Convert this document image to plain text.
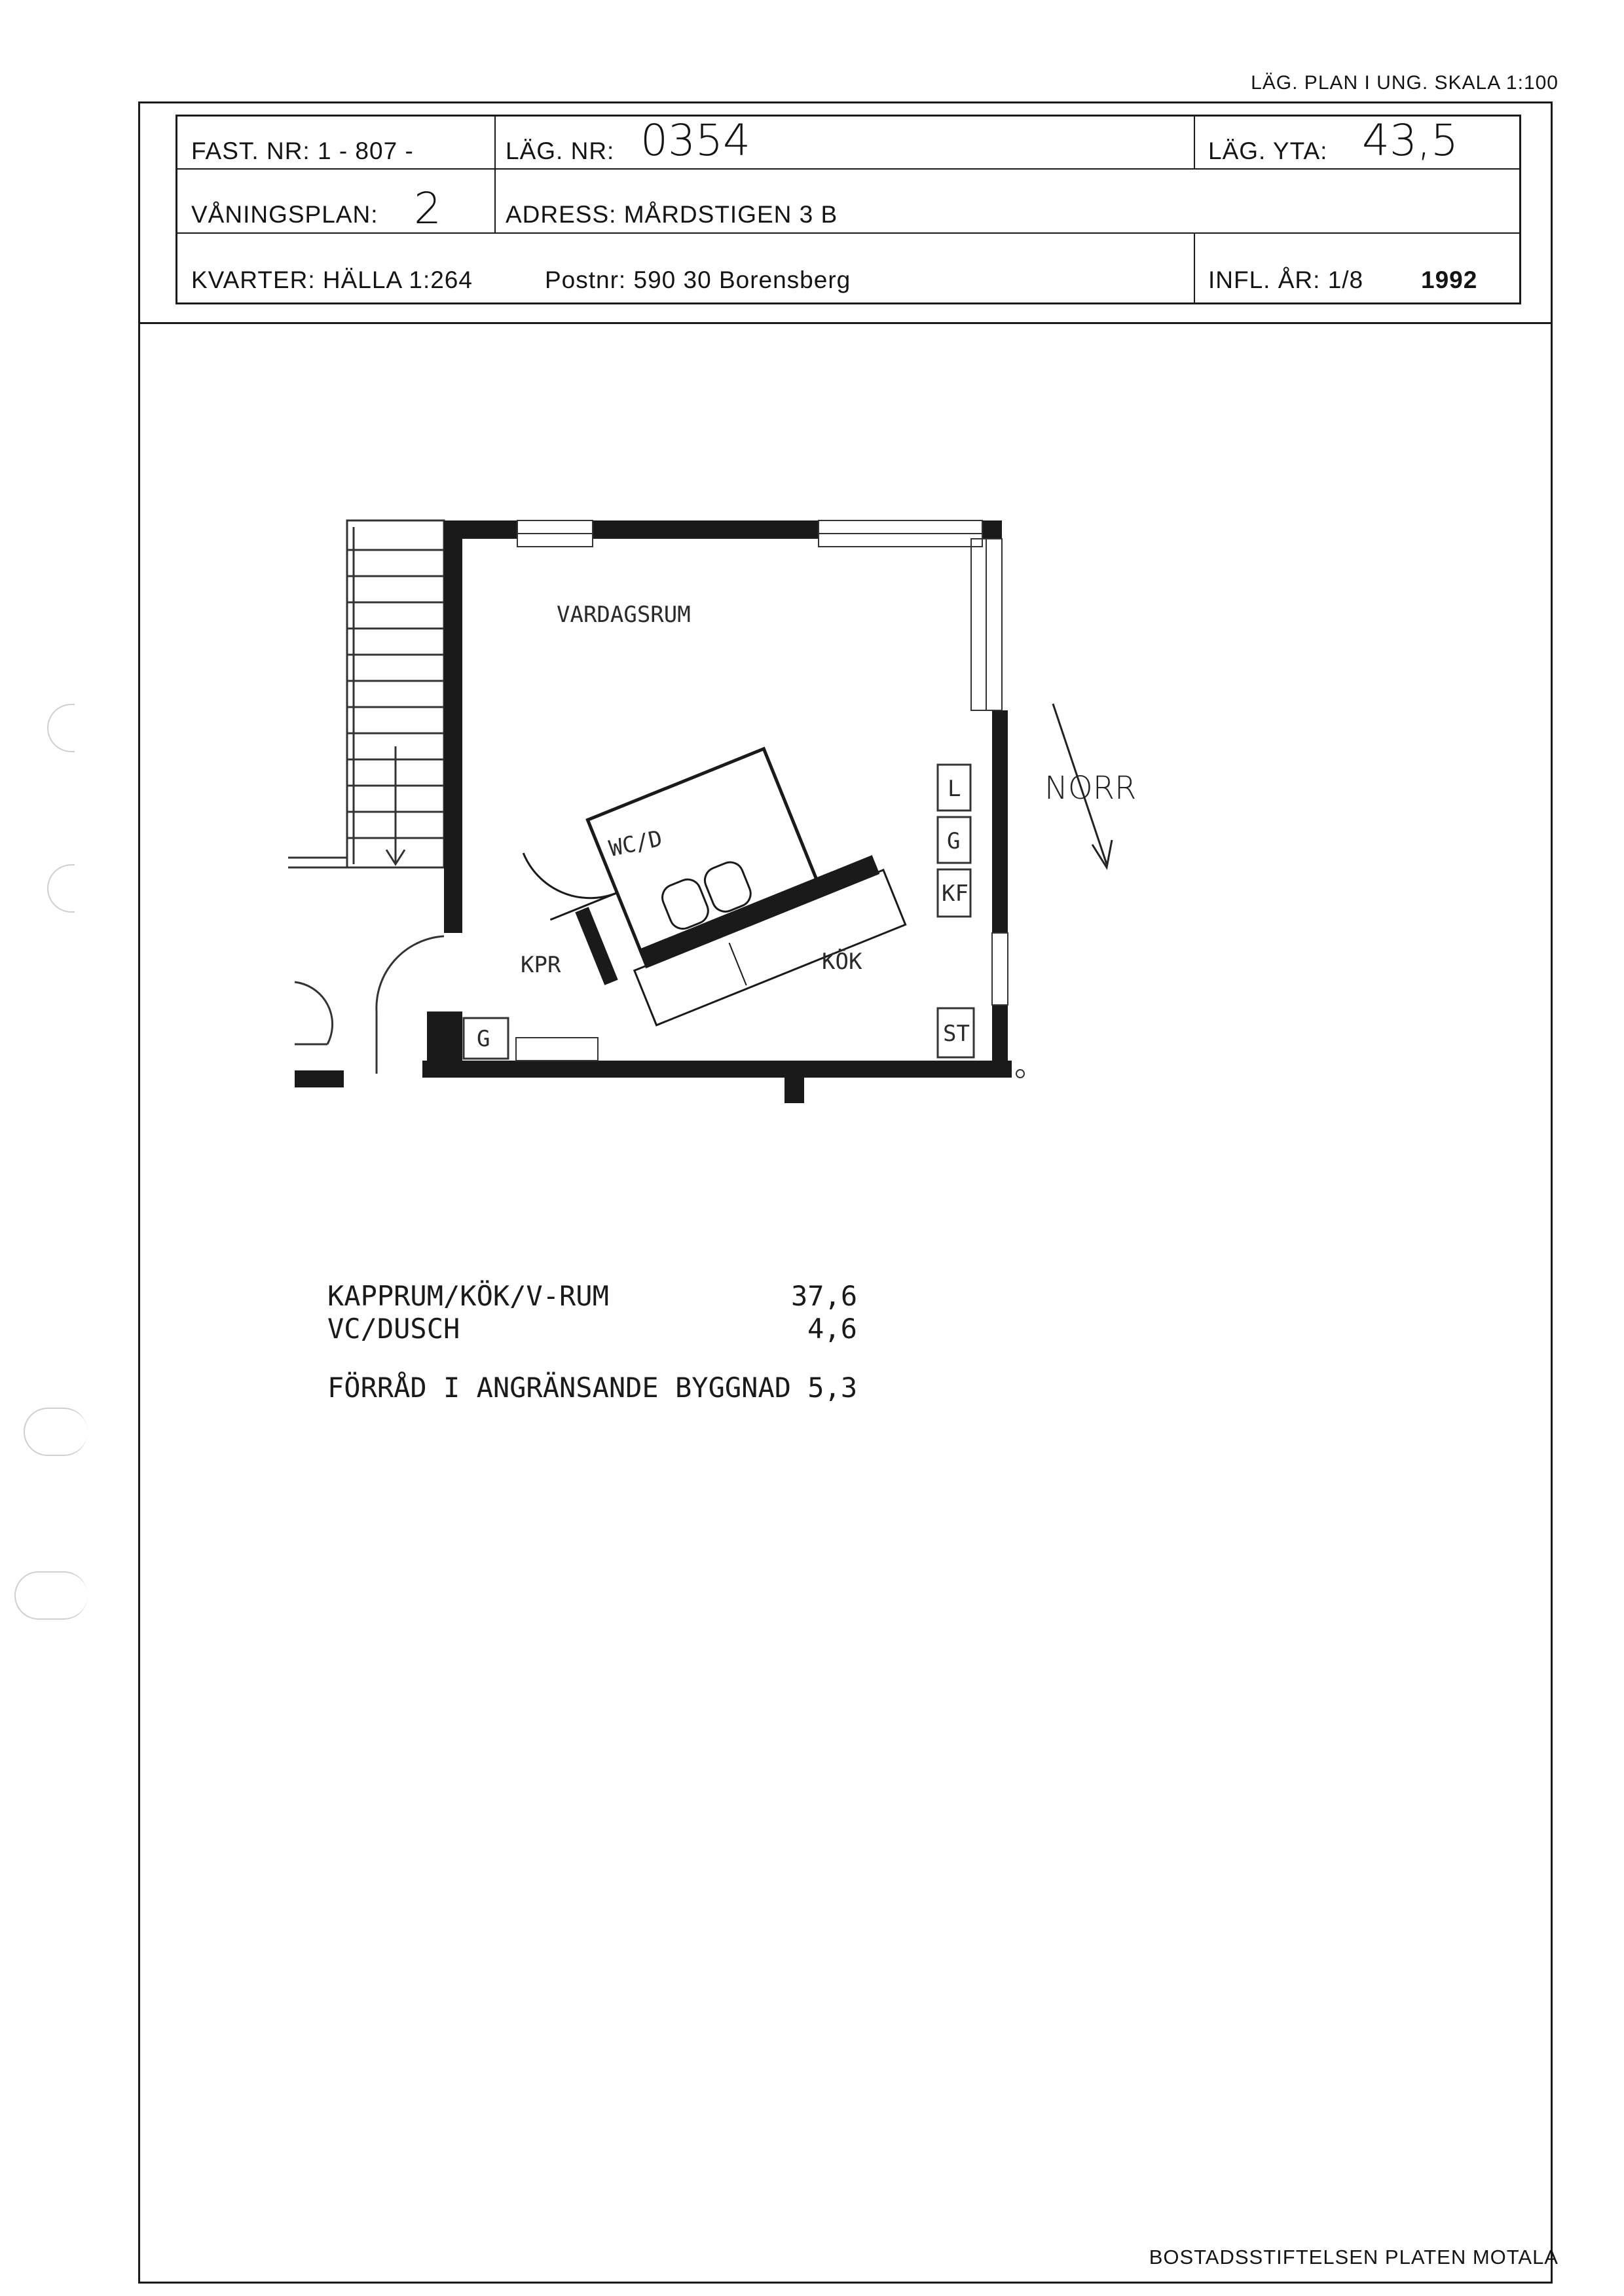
LÄG. PLAN I UNG. SKALA 1:100
FAST. NR: 1 - 807 -	LÄG. NR: 0354	LÄG. YTA: 43,5
VÅNINGSPLAN: 2	ADRESS: MÅRDSTIGEN 3 B
KVARTER: HÄLLA 1:264	Postnr: 590 30 Borensberg	INFL. ÅR: 1/8 1992
NORR
VARDAGSRUM
WC/D
KPR	KÖK
L
G
KF
ST
G
KAPPRUM/KÖK/V-RUM	37,6
VC/DUSCH	4,6
FÖRRÅD I ANGRÄNSANDE BYGGNAD 5,3
BOSTADSSTIFTELSEN PLATEN MOTALA
